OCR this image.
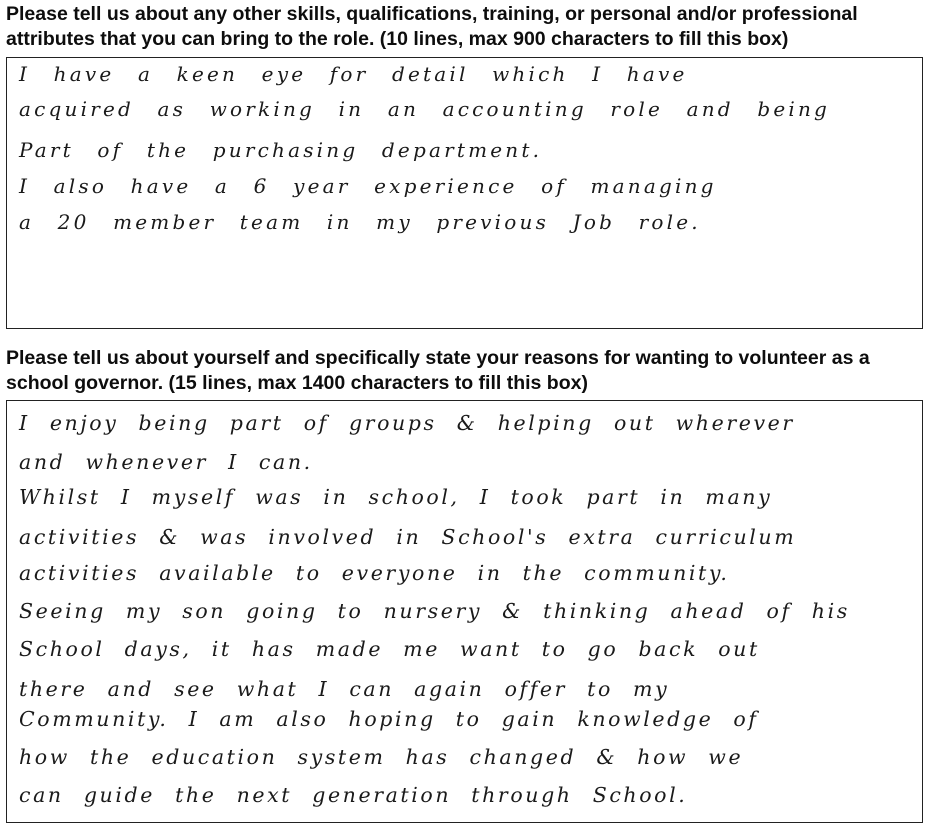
Please tell us about any other skills, qualifications, training, or personal and/or professional attributes that you can bring to the role. (10 lines, max 900 characters to fill this box)

I have a keen eye for detail which I have
acquired as working in an accounting role and being
Part of the purchasing department.
I also have a 6 year experience of managing
a 20 member team in my previous Job role.

Please tell us about yourself and specifically state your reasons for wanting to volunteer as a school governor. (15 lines, max 1400 characters to fill this box)

I enjoy being part of groups & helping out wherever
and whenever I can.
Whilst I myself was in school, I took part in many
activities & was involved in School's extra curriculum
activities available to everyone in the community.
Seeing my son going to nursery & thinking ahead of his
School days, it has made me want to go back out
there and see what I can again offer to my
Community. I am also hoping to gain knowledge of
how the education system has changed & how we
can guide the next generation through School.
